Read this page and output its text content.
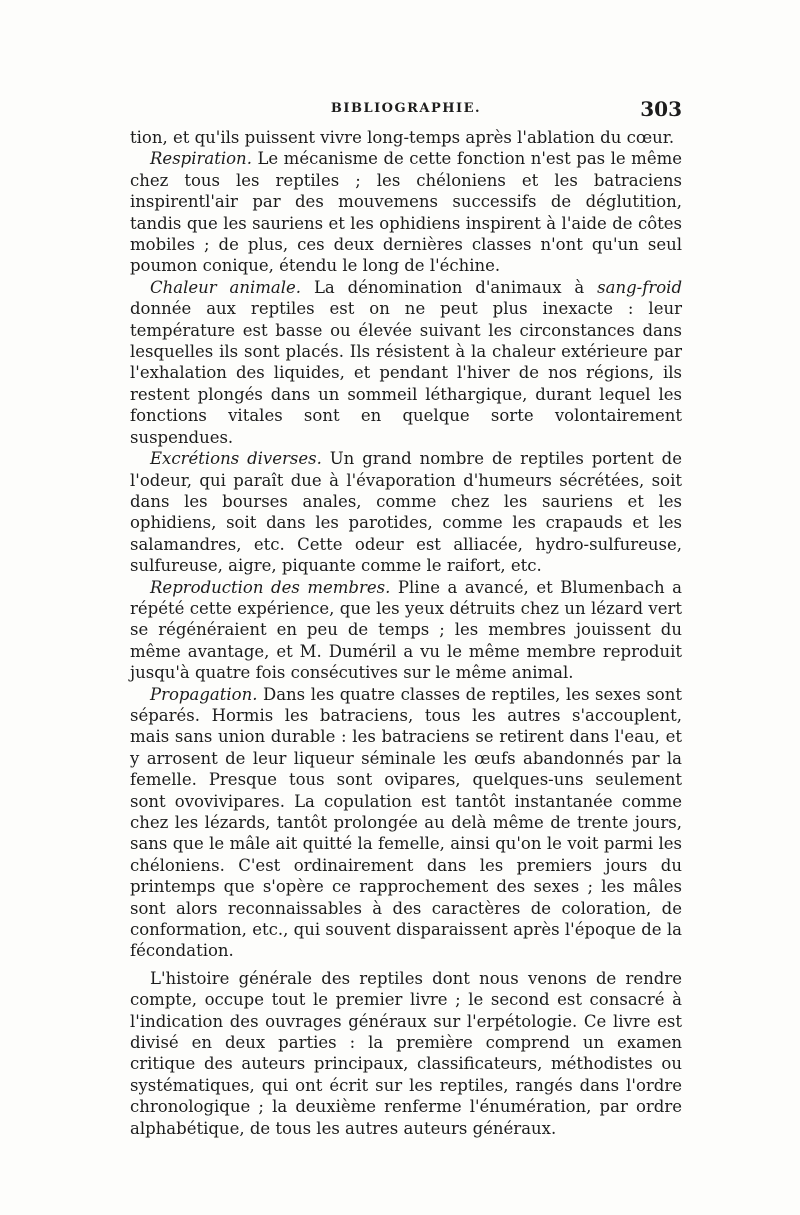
BIBLIOGRAPHIE.	303

tion, et qu'ils puissent vivre long-temps après l'ablation du cœur.

Respiration. Le mécanisme de cette fonction n'est pas le même chez tous les reptiles ; les chéloniens et les batraciens inspirentl'air par des mouvemens successifs de déglutition, tandis que les sauriens et les ophidiens inspirent à l'aide de côtes mobiles ; de plus, ces deux dernières classes n'ont qu'un seul poumon conique, étendu le long de l'échine.

Chaleur animale. La dénomination d'animaux à sang-froid donnée aux reptiles est on ne peut plus inexacte : leur température est basse ou élevée suivant les circonstances dans lesquelles ils sont placés. Ils résistent à la chaleur extérieure par l'exhalation des liquides, et pendant l'hiver de nos régions, ils restent plongés dans un sommeil léthargique, durant lequel les fonctions vitales sont en quelque sorte volontairement suspendues.

Excrétions diverses. Un grand nombre de reptiles portent de l'odeur, qui paraît due à l'évaporation d'humeurs sécrétées, soit dans les bourses anales, comme chez les sauriens et les ophidiens, soit dans les parotides, comme les crapauds et les salamandres, etc. Cette odeur est alliacée, hydro-sulfureuse, sulfureuse, aigre, piquante comme le raifort, etc.

Reproduction des membres. Pline a avancé, et Blumenbach a répété cette expérience, que les yeux détruits chez un lézard vert se régénéraient en peu de temps ; les membres jouissent du même avantage, et M. Duméril a vu le même membre reproduit jusqu'à quatre fois consécutives sur le même animal.

Propagation. Dans les quatre classes de reptiles, les sexes sont séparés. Hormis les batraciens, tous les autres s'accouplent, mais sans union durable : les batraciens se retirent dans l'eau, et y arrosent de leur liqueur séminale les œufs abandonnés par la femelle. Presque tous sont ovipares, quelques-uns seulement sont ovovivipares. La copulation est tantôt instantanée comme chez les lézards, tantôt prolongée au delà même de trente jours, sans que le mâle ait quitté la femelle, ainsi qu'on le voit parmi les chéloniens. C'est ordinairement dans les premiers jours du printemps que s'opère ce rapprochement des sexes ; les mâles sont alors reconnaissables à des caractères de coloration, de conformation, etc., qui souvent disparaissent après l'époque de la fécondation.

L'histoire générale des reptiles dont nous venons de rendre compte, occupe tout le premier livre ; le second est consacré à l'indication des ouvrages généraux sur l'erpétologie. Ce livre est divisé en deux parties : la première comprend un examen critique des auteurs principaux, classificateurs, méthodistes ou systématiques, qui ont écrit sur les reptiles, rangés dans l'ordre chronologique ; la deuxième renferme l'énumération, par ordre alphabétique, de tous les autres auteurs généraux.
